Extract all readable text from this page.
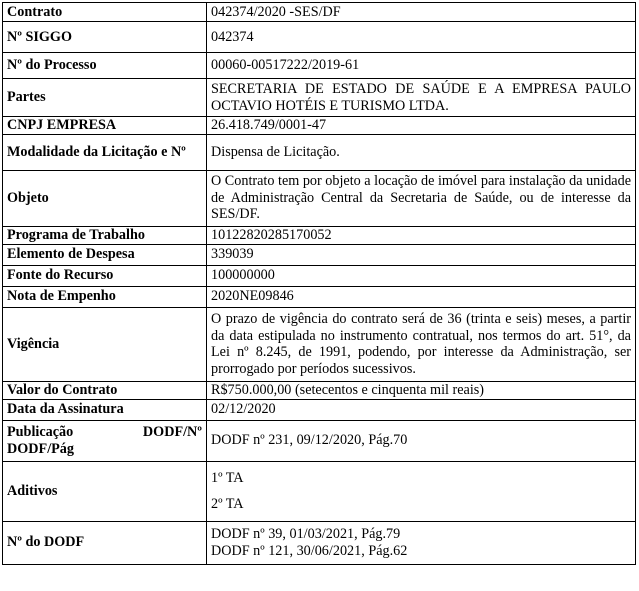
Contrato	042374/2020 -SES/DF
Nº SIGGO	042374
Nº do Processo	00060-00517222/2019-61
Partes	SECRETARIA DE ESTADO DE SAÚDE E A EMPRESA PAULO OCTAVIO HOTÉIS E TURISMO LTDA.
CNPJ EMPRESA	26.418.749/0001-47
Modalidade da Licitação e Nº	Dispensa de Licitação.
Objeto	O Contrato tem por objeto a locação de imóvel para instalação da unidade de Administração Central da Secretaria de Saúde, ou de interesse da SES/DF.
Programa de Trabalho	10122820285170052
Elemento de Despesa	339039
Fonte do Recurso	100000000
Nota de Empenho	2020NE09846
Vigência	O prazo de vigência do contrato será de 36 (trinta e seis) meses, a partir da data estipulada no instrumento contratual, nos termos do art. 51°, da Lei nº 8.245, de 1991, podendo, por interesse da Administração, ser prorrogado por períodos sucessivos.
Valor do Contrato	R$750.000,00 (setecentos e cinquenta mil reais)
Data da Assinatura	02/12/2020

Publicação DODF/Nº
DODF/Pág	DODF nº 231, 09/12/2020, Pág.70
Aditivos	1º TA
2º TA

Nº do DODF	DODF nº 39, 01/03/2021, Pág.79
DODF nº 121, 30/06/2021, Pág.62
